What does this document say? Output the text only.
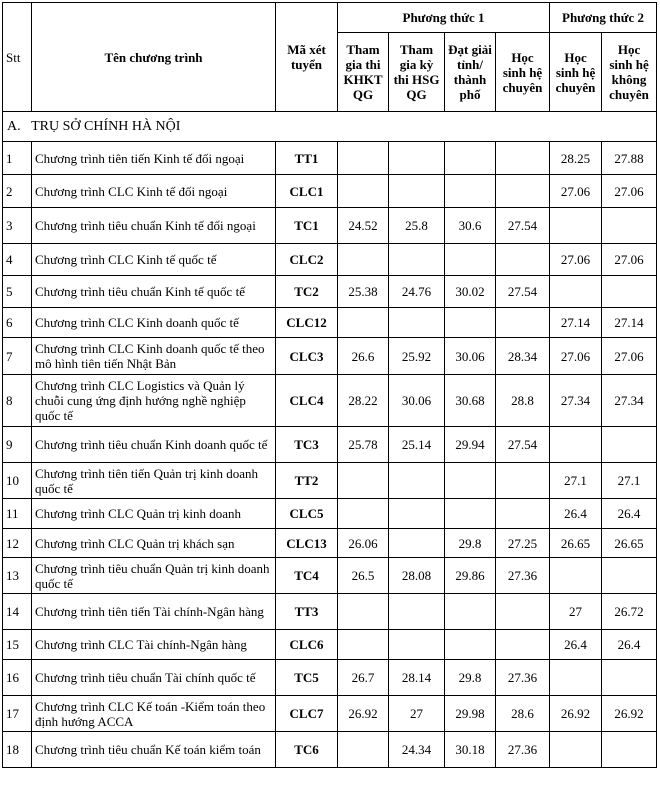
Stt	Tên chương trình	Mã xét tuyển	Phương thức 1				Phương thức 2	
			Tham gia thi KHKT QG	Tham gia kỳ thi HSG QG	Đạt giải tỉnh/ thành phố	Học sinh hệ chuyên	Học sinh hệ chuyên	Học sinh hệ không chuyên
A.   TRỤ SỞ CHÍNH HÀ NỘI								
1	Chương trình tiên tiến Kinh tế đối ngoại	TT1					28.25	27.88
2	Chương trình CLC Kinh tế đối ngoại	CLC1					27.06	27.06
3	Chương trình tiêu chuẩn Kinh tế đối ngoại	TC1	24.52	25.8	30.6	27.54		
4	Chương trình CLC Kinh tế quốc tế	CLC2					27.06	27.06
5	Chương trình tiêu chuẩn Kinh tế quốc tế	TC2	25.38	24.76	30.02	27.54		
6	Chương trình CLC Kinh doanh quốc tế	CLC12					27.14	27.14
7	Chương trình CLC Kinh doanh quốc tế theo mô hình tiên tiến Nhật Bản	CLC3	26.6	25.92	30.06	28.34	27.06	27.06
8	Chương trình CLC Logistics và Quản lý chuỗi cung ứng định hướng nghề nghiệp quốc tế	CLC4	28.22	30.06	30.68	28.8	27.34	27.34
9	Chương trình tiêu chuẩn Kinh doanh quốc tế	TC3	25.78	25.14	29.94	27.54		
10	Chương trình tiên tiến Quản trị kinh doanh quốc tế	TT2					27.1	27.1
11	Chương trình CLC Quản trị kinh doanh	CLC5					26.4	26.4
12	Chương trình CLC Quản trị khách sạn	CLC13	26.06		29.8	27.25	26.65	26.65
13	Chương trình tiêu chuẩn Quản trị kinh doanh quốc tế	TC4	26.5	28.08	29.86	27.36		
14	Chương trình tiên tiến Tài chính-Ngân hàng	TT3					27	26.72
15	Chương trình CLC Tài chính-Ngân hàng	CLC6					26.4	26.4
16	Chương trình tiêu chuẩn Tài chính quốc tế	TC5	26.7	28.14	29.8	27.36		
17	Chương trình CLC Kế toán -Kiểm toán theo định hướng ACCA	CLC7	26.92	27	29.98	28.6	26.92	26.92
18	Chương trình tiêu chuẩn Kế toán kiểm toán	TC6		24.34	30.18	27.36		
